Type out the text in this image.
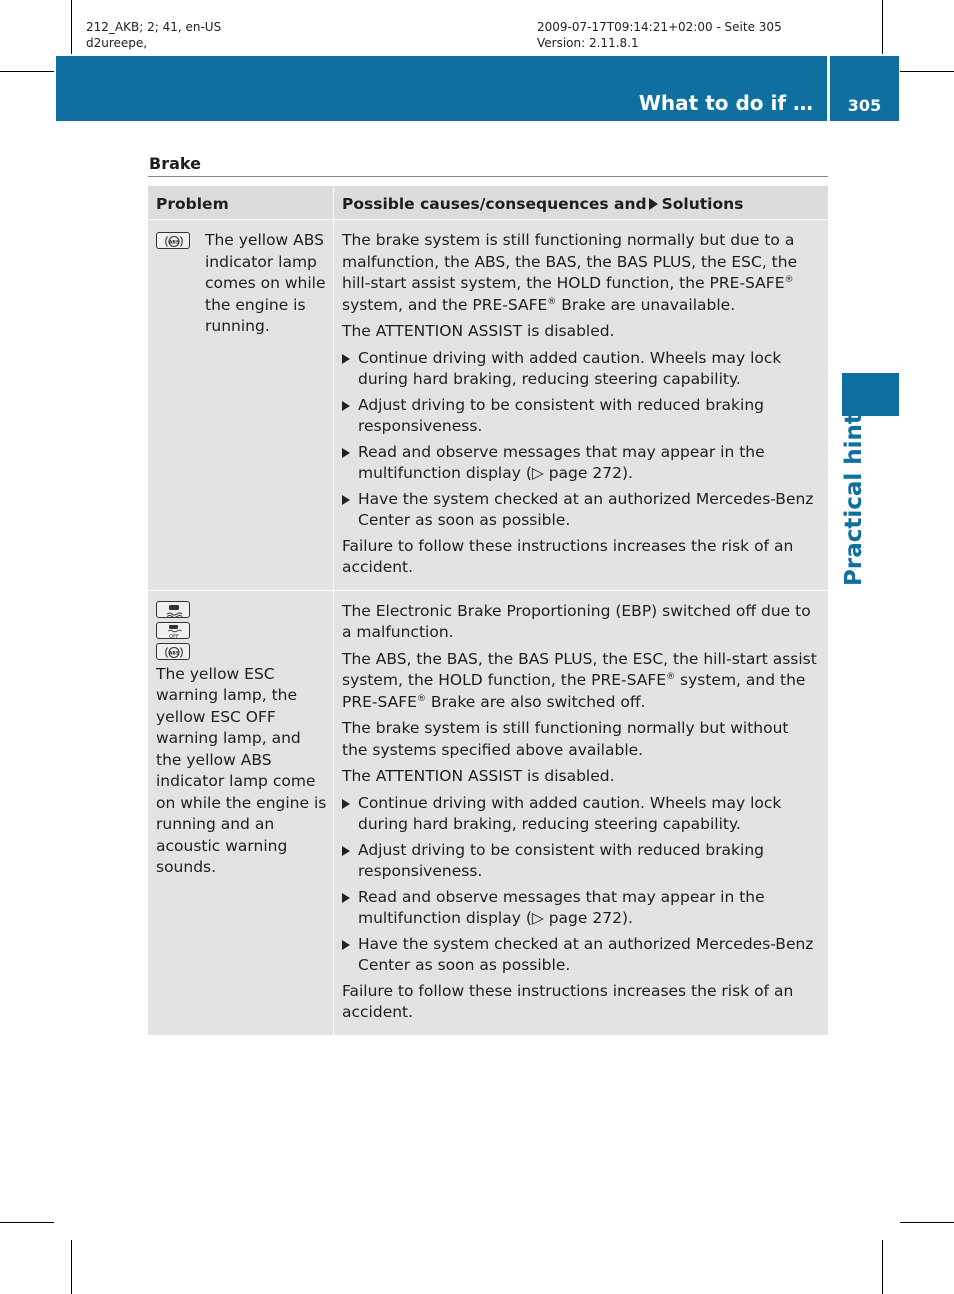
212_AKB; 2; 41, en-US
d2ureepe,
2009-07-17T09:14:21+02:00 - Seite 305
Version: 2.11.8.1
What to do if …	305
Practical hints
Brake
Problem	Possible causes/consequences and Solutions
ABS The yellow ABS indicator lamp comes on while the engine is running.

The brake system is still functioning normally but due to a malfunction, the ABS, the BAS, the BAS PLUS, the ESC, the hill-start assist system, the HOLD function, the PRE-SAFE® system, and the PRE-SAFE® Brake are unavailable.

The ATTENTION ASSIST is disabled.

Continue driving with added caution. Wheels may lock during hard braking, reducing steering capability.
Adjust driving to be consistent with reduced braking responsiveness.
Read and observe messages that may appear in the multifunction display (▷ page 272).
Have the system checked at an authorized Mercedes-Benz Center as soon as possible.

Failure to follow these instructions increases the risk of an accident.

OFF
ABS
The yellow ESC warning lamp, the yellow ESC OFF warning lamp, and the yellow ABS indicator lamp come on while the engine is running and an acoustic warning sounds.

The Electronic Brake Proportioning (EBP) switched off due to a malfunction.

The ABS, the BAS, the BAS PLUS, the ESC, the hill-start assist system, the HOLD function, the PRE-SAFE® system, and the PRE-SAFE® Brake are also switched off.

The brake system is still functioning normally but without the systems specified above available.

The ATTENTION ASSIST is disabled.

Continue driving with added caution. Wheels may lock during hard braking, reducing steering capability.
Adjust driving to be consistent with reduced braking responsiveness.
Read and observe messages that may appear in the multifunction display (▷ page 272).
Have the system checked at an authorized Mercedes-Benz Center as soon as possible.

Failure to follow these instructions increases the risk of an accident.
